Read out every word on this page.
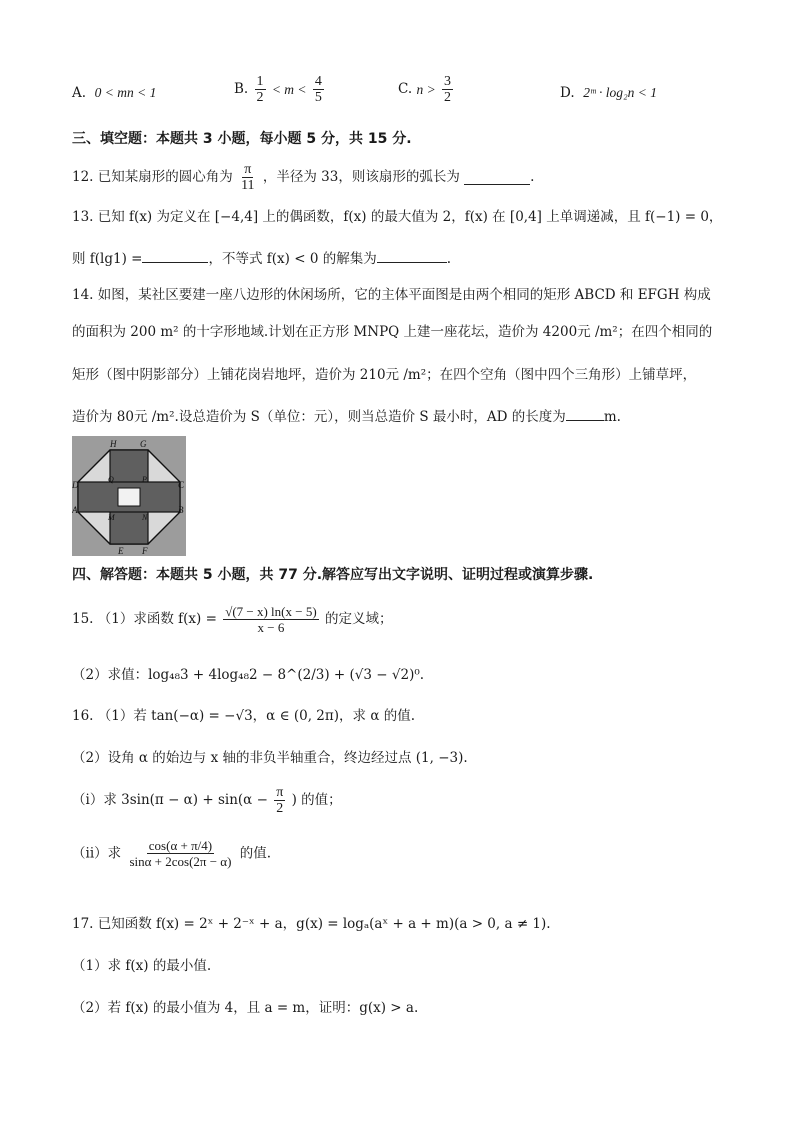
A. 0 < mn < 1	B. $\frac{1}{2} < m < \frac{4}{5}$	C. $n > \frac{3}{2}$	D. 2ᵐ · log₂n < 1
三、填空题：本题共 3 小题，每小题 5 分，共 15 分.
12. 已知某扇形的圆心角为 $\frac{\pi}{11}$ ，半径为 33，则该扇形的弧长为	.
13. 已知 f(x) 为定义在 [−4,4] 上的偶函数，f(x) 的最大值为 2，f(x) 在 [0,4] 上单调递减，且 f(−1) = 0，
则 f(lg1) =	，不等式 f(x) < 0 的解集为	.
14. 如图，某社区要建一座八边形的休闲场所，它的主体平面图是由两个相同的矩形 ABCD 和 EFGH 构成
的面积为 200 m² 的十字形地域.计划在正方形 MNPQ 上建一座花坛，造价为 4200元 /m²；在四个相同的
矩形（图中阴影部分）上铺花岗岩地坪，造价为 210元 /m²；在四个空角（图中四个三角形）上铺草坪，
造价为 80元 /m².设总造价为 S（单位：元），则当总造价 S 最小时，AD 的长度为	m.
H	G
D	C
Q	P
A	B
M	N
E F
四、解答题：本题共 5 小题，共 77 分.解答应写出文字说明、证明过程或演算步骤.
15. （1）求函数 $f(x) = \frac{√(7 - x) \ln(x - 5)}{x - 6}$ 的定义域；
（2）求值：log₄₈3 + 4log₄₈2 − 8^(2/3) + (√3 − √2)⁰.
16. （1）若 tan(−α) = −√3，α ∈ (0, 2π)，求 α 的值.
（2）设角 α 的始边与 x 轴的非负半轴重合，终边经过点 (1, −3).
（i）求 $3\sin(\pi - \alpha) + \sin(\alpha - \frac{\pi}{2}$ ) 的值；
（ii）求 $\frac{\cos(\alpha + \pi/4)}{\sin\alpha + 2\cos(2\pi - \alpha)}$ 的值.
17. 已知函数 f(x) = 2ˣ + 2⁻ˣ + a，g(x) = logₐ(aˣ + a + m)(a > 0, a ≠ 1).
（1）求 f(x) 的最小值.
（2）若 f(x) 的最小值为 4，且 a = m，证明：g(x) > a.
